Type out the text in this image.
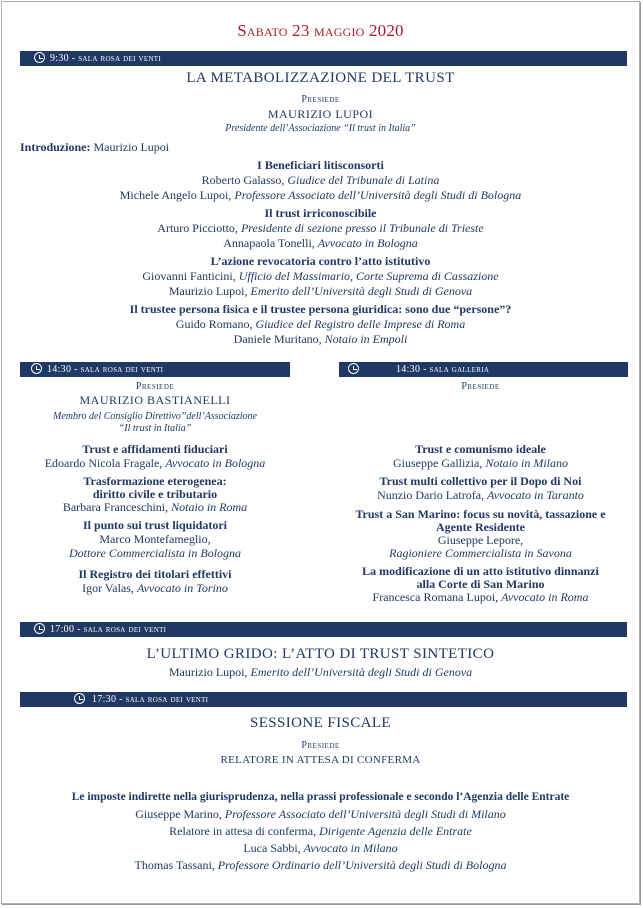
Sabato 23 maggio 2020
9:30 - sala rosa dei venti
LA METABOLIZZAZIONE DEL TRUST
Presiede
MAURIZIO LUPOI
Presidente dell’Associazione “Il trust in Italia”
Introduzione: Maurizio Lupoi
I Beneficiari litisconsorti
Roberto Galasso, Giudice del Tribunale di Latina
Michele Angelo Lupoi, Professore Associato dell’Università degli Studi di Bologna
Il trust irriconoscibile
Arturo Picciotto, Presidente di sezione presso il Tribunale di Trieste
Annapaola Tonelli, Avvocato in Bologna
L’azione revocatoria contro l’atto istitutivo
Giovanni Fanticini, Ufficio del Massimario, Corte Suprema di Cassazione
Maurizio Lupoi, Emerito dell’Università degli Studi di Genova
Il trustee persona fisica e il trustee persona giuridica: sono due “persone”?
Guido Romano, Giudice del Registro delle Imprese di Roma
Daniele Muritano, Notaio in Empoli
14:30 - sala rosa dei venti
Presiede
MAURIZIO BASTIANELLI
Membro del Consiglio Direttivo”dell’Associazione
“Il trust in Italia”
Trust e affidamenti fiduciari
Edoardo Nicola Fragale, Avvocato in Bologna
Trasformazione eterogenea:
diritto civile e tributario
Barbara Franceschini, Notaio in Roma
Il punto sui trust liquidatori
Marco Montefameglio,
Dottore Commercialista in Bologna
Il Registro dei titolari effettivi
Igor Valas, Avvocato in Torino
14:30 - sala galleria
Presiede
Trust e comunismo ideale
Giuseppe Gallizia, Notaio in Milano
Trust multi collettivo per il Dopo di Noi
Nunzio Dario Latrofa, Avvocato in Taranto
Trust a San Marino: focus su novità, tassazione e
Agente Residente
Giuseppe Lepore,
Ragioniere Commercialista in Savona
La modificazione di un atto istitutivo dinnanzi
alla Corte di San Marino
Francesca Romana Lupoi, Avvocato in Roma
17:00 - sala rosa dei venti
L’ULTIMO GRIDO: L’ATTO DI TRUST SINTETICO
Maurizio Lupoi, Emerito dell’Università degli Studi di Genova
17:30 - sala rosa dei venti
SESSIONE FISCALE
Presiede
RELATORE IN ATTESA DI CONFERMA
Le imposte indirette nella giurisprudenza, nella prassi professionale e secondo l’Agenzia delle Entrate
Giuseppe Marino, Professore Associato dell’Università degli Studi di Milano
Relatore in attesa di conferma, Dirigente Agenzia delle Entrate
Luca Sabbi, Avvocato in Milano
Thomas Tassani, Professore Ordinario dell’Università degli Studi di Bologna
